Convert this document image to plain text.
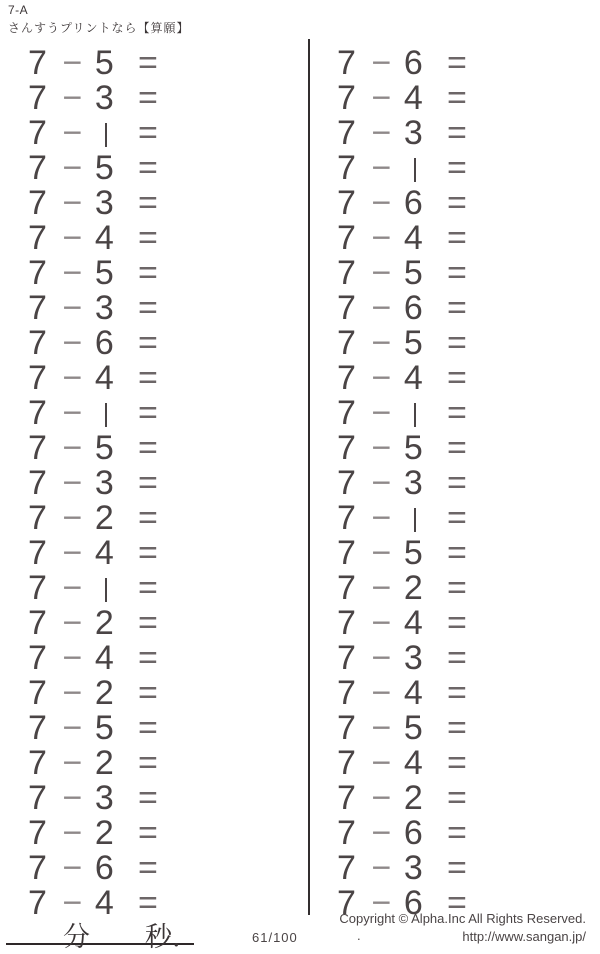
7-A
さんすうプリントなら【算願】
7 − 5 =
7 − 3 =
7 − =
7 − 5 =
7 − 3 =
7 − 4 =
7 − 5 =
7 − 3 =
7 − 6 =
7 − 4 =
7 − =
7 − 5 =
7 − 3 =
7 − 2 =
7 − 4 =
7 − =
7 − 2 =
7 − 4 =
7 − 2 =
7 − 5 =
7 − 2 =
7 − 3 =
7 − 2 =
7 − 6 =
7 − 4 =
7 − 6 =
7 − 4 =
7 − 3 =
7 − =
7 − 6 =
7 − 4 =
7 − 5 =
7 − 6 =
7 − 5 =
7 − 4 =
7 − =
7 − 5 =
7 − 3 =
7 − =
7 − 5 =
7 − 2 =
7 − 4 =
7 − 3 =
7 − 4 =
7 − 5 =
7 − 4 =
7 − 2 =
7 − 6 =
7 − 3 =
7 − 6 =
分 秒.	61/100	.
Copyright © Alpha.Inc All Rights Reserved.
http://www.sangan.jp/
